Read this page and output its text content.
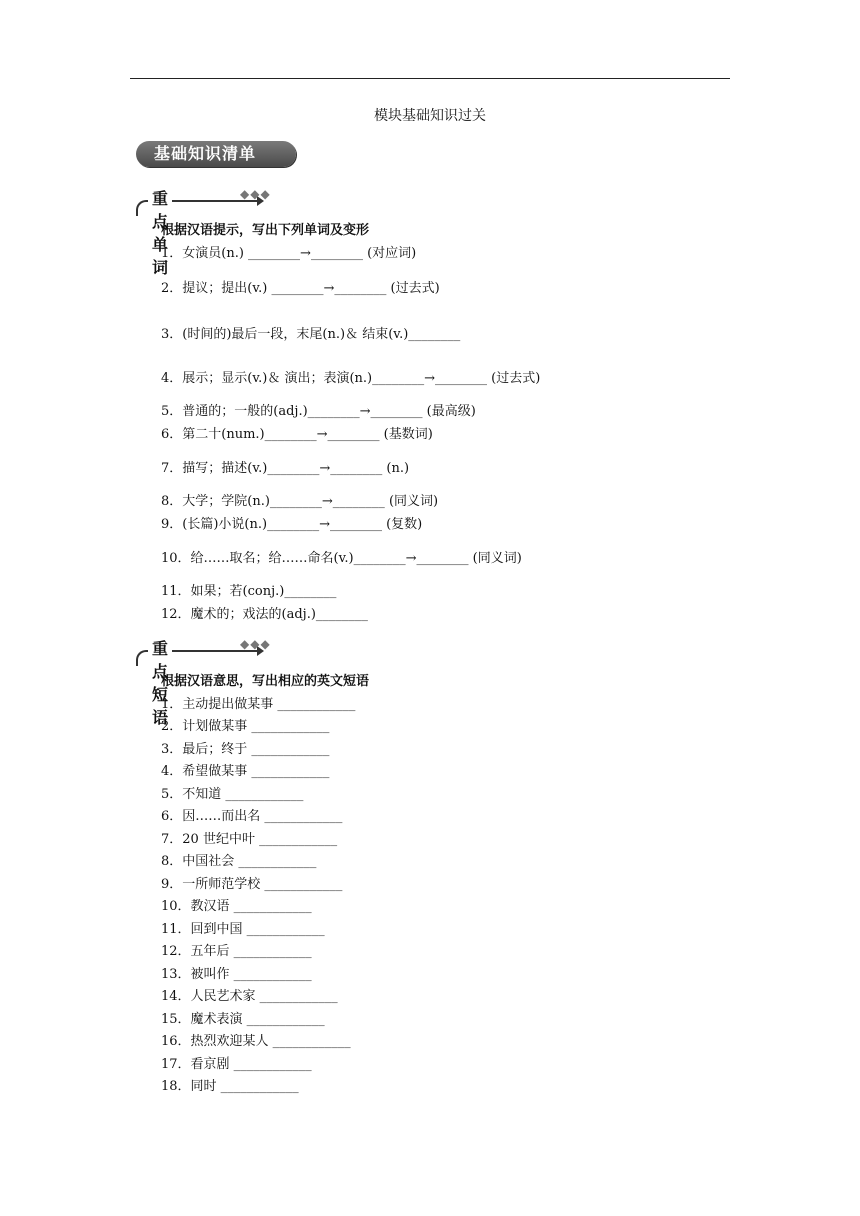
模块基础知识过关
基础知识清单
重点单词
◆◆◆
根据汉语提示，写出下列单词及变形
1．女演员(n.) ________→________ (对应词)
2．提议；提出(v.) ________→________ (过去式)
3．(时间的)最后一段，末尾(n.)＆ 结束(v.)________
4．展示；显示(v.)＆ 演出；表演(n.)________→________ (过去式)
5．普通的；一般的(adj.)________→________ (最高级)
6．第二十(num.)________→________ (基数词)
7．描写；描述(v.)________→________ (n.)
8．大学；学院(n.)________→________ (同义词)
9．(长篇)小说(n.)________→________ (复数)
10．给……取名；给……命名(v.)________→________ (同义词)
11．如果；若(conj.)________
12．魔术的；戏法的(adj.)________
重点短语
◆◆◆
根据汉语意思，写出相应的英文短语
1．主动提出做某事 ____________
2．计划做某事 ____________
3．最后；终于 ____________
4．希望做某事 ____________
5．不知道 ____________
6．因……而出名 ____________
7．20 世纪中叶 ____________
8．中国社会 ____________
9．一所师范学校 ____________
10．教汉语 ____________
11．回到中国 ____________
12．五年后 ____________
13．被叫作 ____________
14．人民艺术家 ____________
15．魔术表演 ____________
16．热烈欢迎某人 ____________
17．看京剧 ____________
18．同时 ____________
